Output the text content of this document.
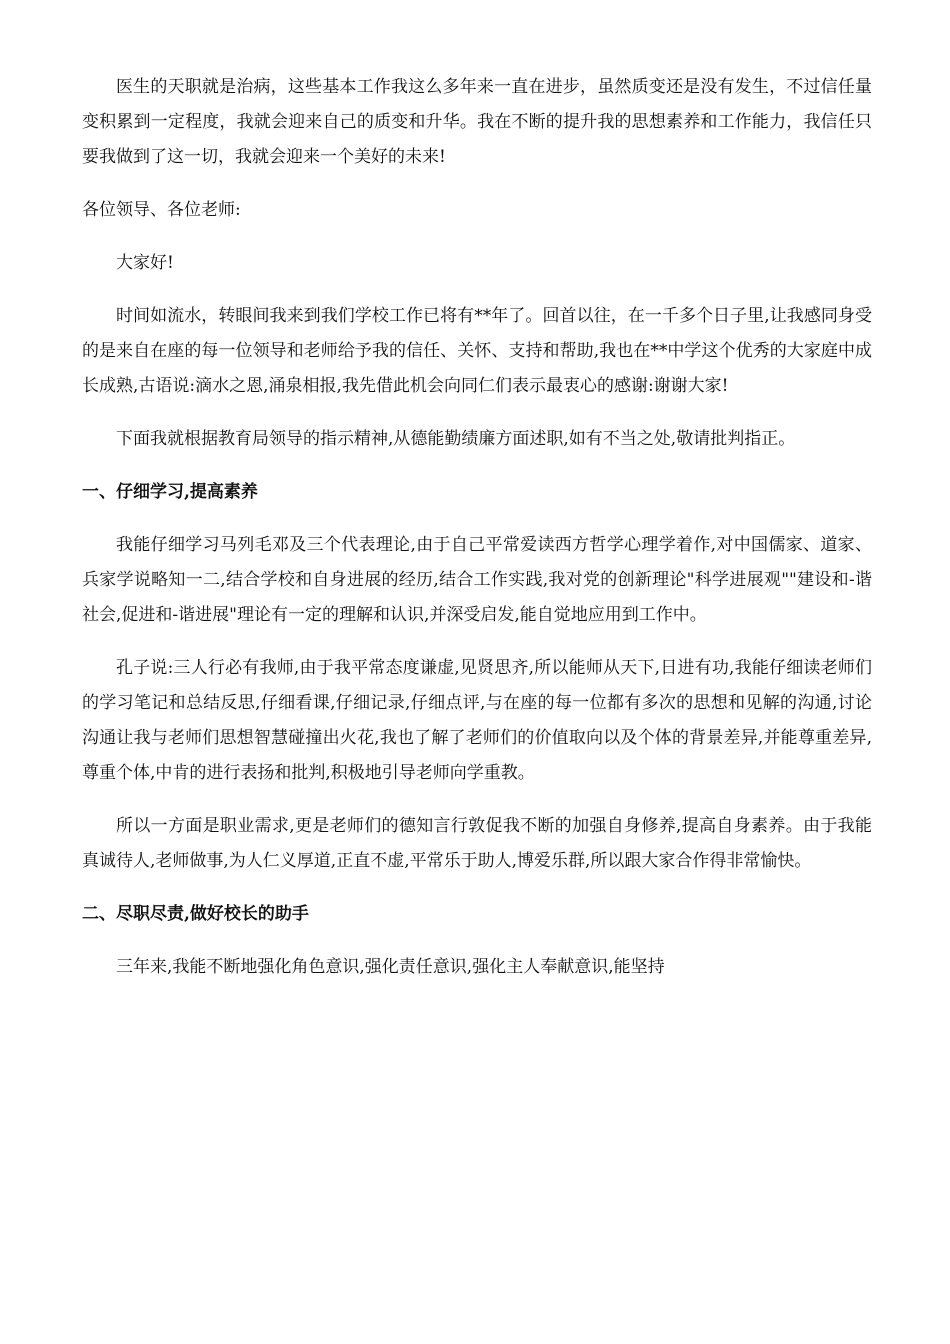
医生的天职就是治病，这些基本工作我这么多年来一直在进步，虽然质变还是没有发生，不过信任量变积累到一定程度，我就会迎来自己的质变和升华。我在不断的提升我的思想素养和工作能力，我信任只要我做到了这一切，我就会迎来一个美好的未来!

各位领导、各位老师:

大家好!

时间如流水，转眼间我来到我们学校工作已将有**年了。回首以往，在一千多个日子里,让我感同身受的是来自在座的每一位领导和老师给予我的信任、关怀、支持和帮助,我也在**中学这个优秀的大家庭中成长成熟,古语说:滴水之恩,涌泉相报,我先借此机会向同仁们表示最衷心的感谢:谢谢大家!

下面我就根据教育局领导的指示精神,从德能勤绩廉方面述职,如有不当之处,敬请批判指正。

一、仔细学习,提高素养

我能仔细学习马列毛邓及三个代表理论,由于自己平常爱读西方哲学心理学着作,对中国儒家、道家、兵家学说略知一二,结合学校和自身进展的经历,结合工作实践,我对党的创新理论"科学进展观""建设和-谐社会,促进和-谐进展"理论有一定的理解和认识,并深受启发,能自觉地应用到工作中。

孔子说:三人行必有我师,由于我平常态度谦虚,见贤思齐,所以能师从天下,日进有功,我能仔细读老师们的学习笔记和总结反思,仔细看课,仔细记录,仔细点评,与在座的每一位都有多次的思想和见解的沟通,讨论沟通让我与老师们思想智慧碰撞出火花,我也了解了老师们的价值取向以及个体的背景差异,并能尊重差异,尊重个体,中肯的进行表扬和批判,积极地引导老师向学重教。

所以一方面是职业需求,更是老师们的德知言行敦促我不断的加强自身修养,提高自身素养。由于我能真诚待人,老师做事,为人仁义厚道,正直不虚,平常乐于助人,博爱乐群,所以跟大家合作得非常愉快。

二、尽职尽责,做好校长的助手

三年来,我能不断地强化角色意识,强化责任意识,强化主人奉献意识,能坚持
